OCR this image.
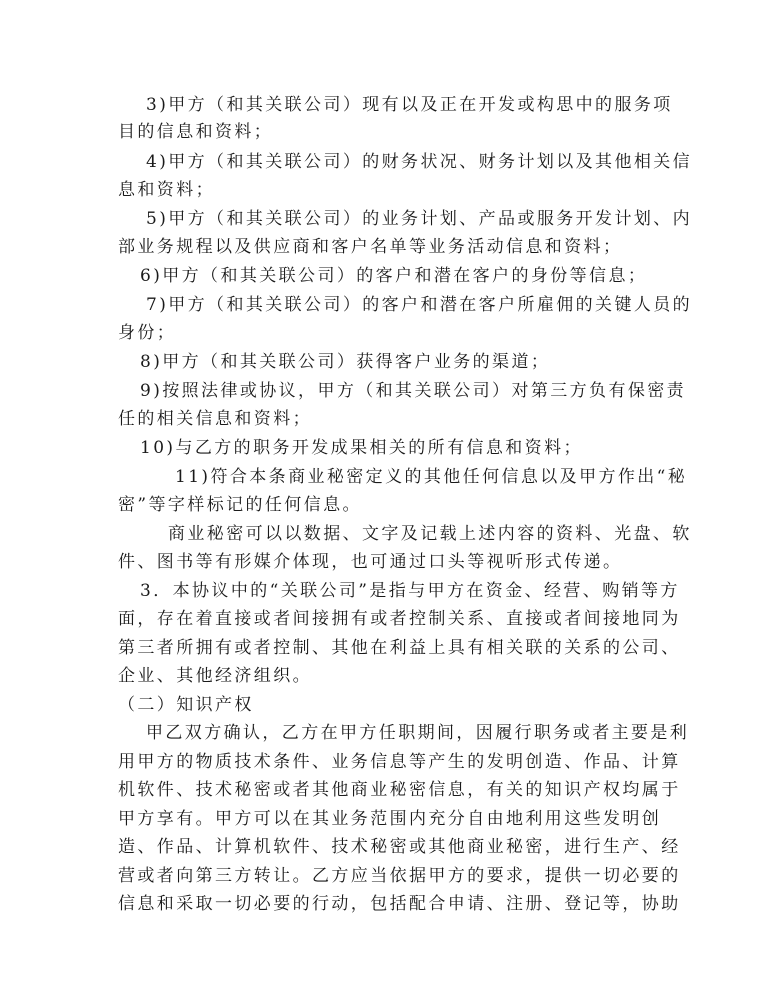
3)甲方（和其关联公司）现有以及正在开发或构思中的服务项
目的信息和资料；
4)甲方（和其关联公司）的财务状况、财务计划以及其他相关信
息和资料；
5)甲方（和其关联公司）的业务计划、产品或服务开发计划、内
部业务规程以及供应商和客户名单等业务活动信息和资料；
6)甲方（和其关联公司）的客户和潜在客户的身份等信息；
7)甲方（和其关联公司）的客户和潜在客户所雇佣的关键人员的
身份；
8)甲方（和其关联公司）获得客户业务的渠道；
9)按照法律或协议，甲方（和其关联公司）对第三方负有保密责
任的相关信息和资料；
10)与乙方的职务开发成果相关的所有信息和资料；
11)符合本条商业秘密定义的其他任何信息以及甲方作出“秘
密”等字样标记的任何信息。
商业秘密可以以数据、文字及记载上述内容的资料、光盘、软
件、图书等有形媒介体现，也可通过口头等视听形式传递。
3．本协议中的“关联公司”是指与甲方在资金、经营、购销等方
面，存在着直接或者间接拥有或者控制关系、直接或者间接地同为
第三者所拥有或者控制、其他在利益上具有相关联的关系的公司、
企业、其他经济组织。
（二）知识产权
甲乙双方确认，乙方在甲方任职期间，因履行职务或者主要是利
用甲方的物质技术条件、业务信息等产生的发明创造、作品、计算
机软件、技术秘密或者其他商业秘密信息，有关的知识产权均属于
甲方享有。甲方可以在其业务范围内充分自由地利用这些发明创
造、作品、计算机软件、技术秘密或其他商业秘密，进行生产、经
营或者向第三方转让。乙方应当依据甲方的要求，提供一切必要的
信息和采取一切必要的行动，包括配合申请、注册、登记等，协助
